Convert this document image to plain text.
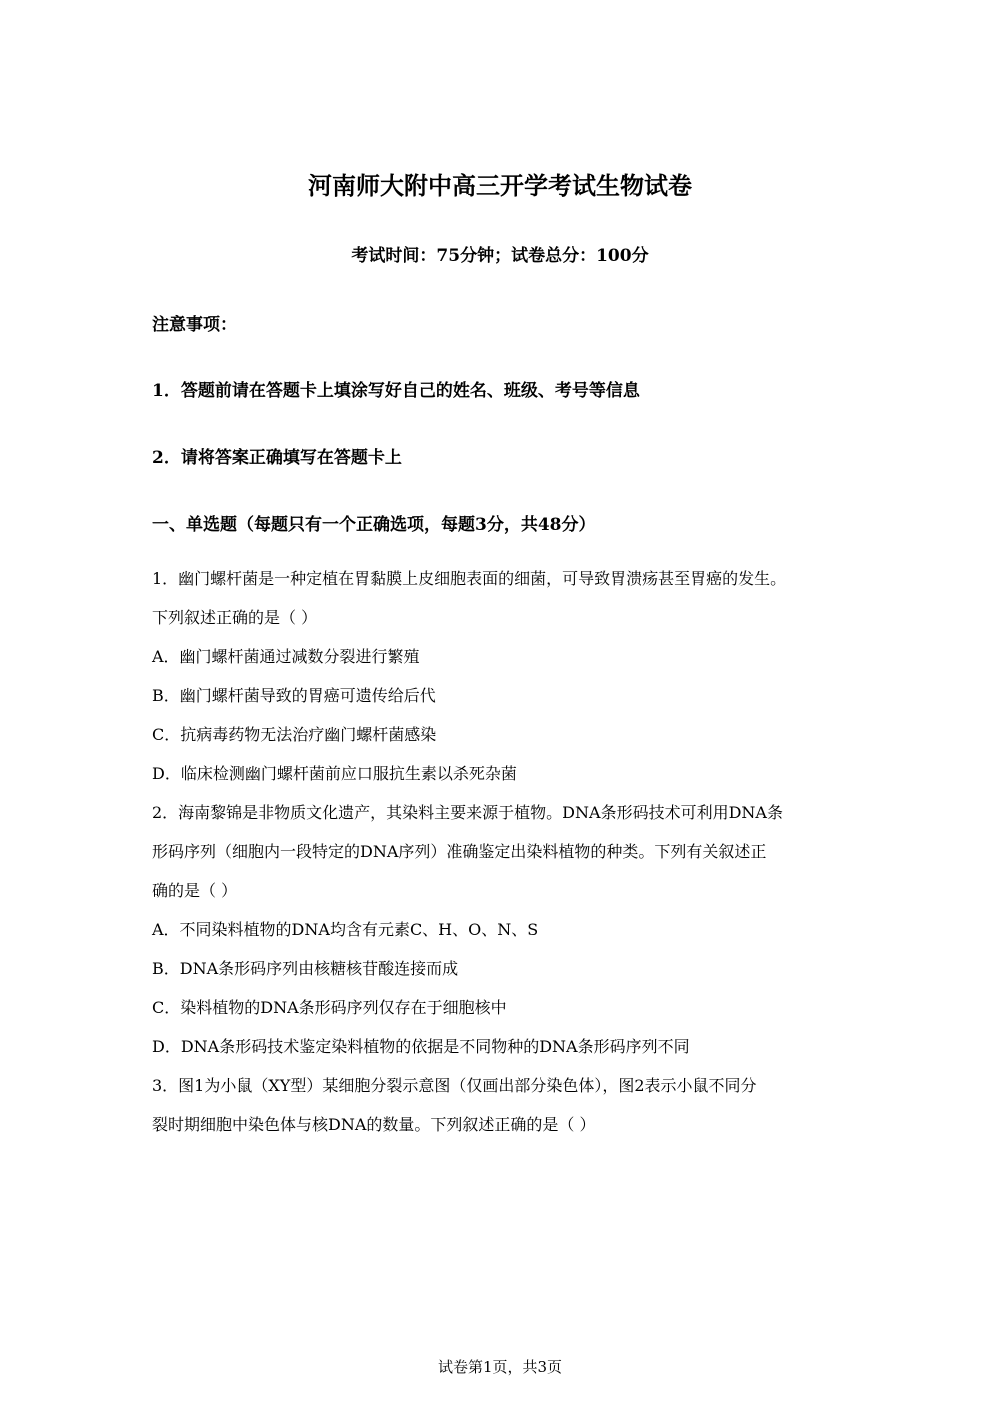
河南师大附中高三开学考试生物试卷

考试时间：75分钟；试卷总分：100分

注意事项：

1．答题前请在答题卡上填涂写好自己的姓名、班级、考号等信息

2．请将答案正确填写在答题卡上

一、单选题（每题只有一个正确选项，每题3分，共48分）

1．幽门螺杆菌是一种定植在胃黏膜上皮细胞表面的细菌，可导致胃溃疡甚至胃癌的发生。

下列叙述正确的是（ ）

A．幽门螺杆菌通过减数分裂进行繁殖

B．幽门螺杆菌导致的胃癌可遗传给后代

C．抗病毒药物无法治疗幽门螺杆菌感染

D．临床检测幽门螺杆菌前应口服抗生素以杀死杂菌

2．海南黎锦是非物质文化遗产，其染料主要来源于植物。DNA条形码技术可利用DNA条

形码序列（细胞内一段特定的DNA序列）准确鉴定出染料植物的种类。下列有关叙述正

确的是（ ）

A．不同染料植物的DNA均含有元素C、H、O、N、S

B．DNA条形码序列由核糖核苷酸连接而成

C．染料植物的DNA条形码序列仅存在于细胞核中

D．DNA条形码技术鉴定染料植物的依据是不同物种的DNA条形码序列不同

3．图1为小鼠（XY型）某细胞分裂示意图（仅画出部分染色体），图2表示小鼠不同分

裂时期细胞中染色体与核DNA的数量。下列叙述正确的是（ ）

试卷第1页，共3页
